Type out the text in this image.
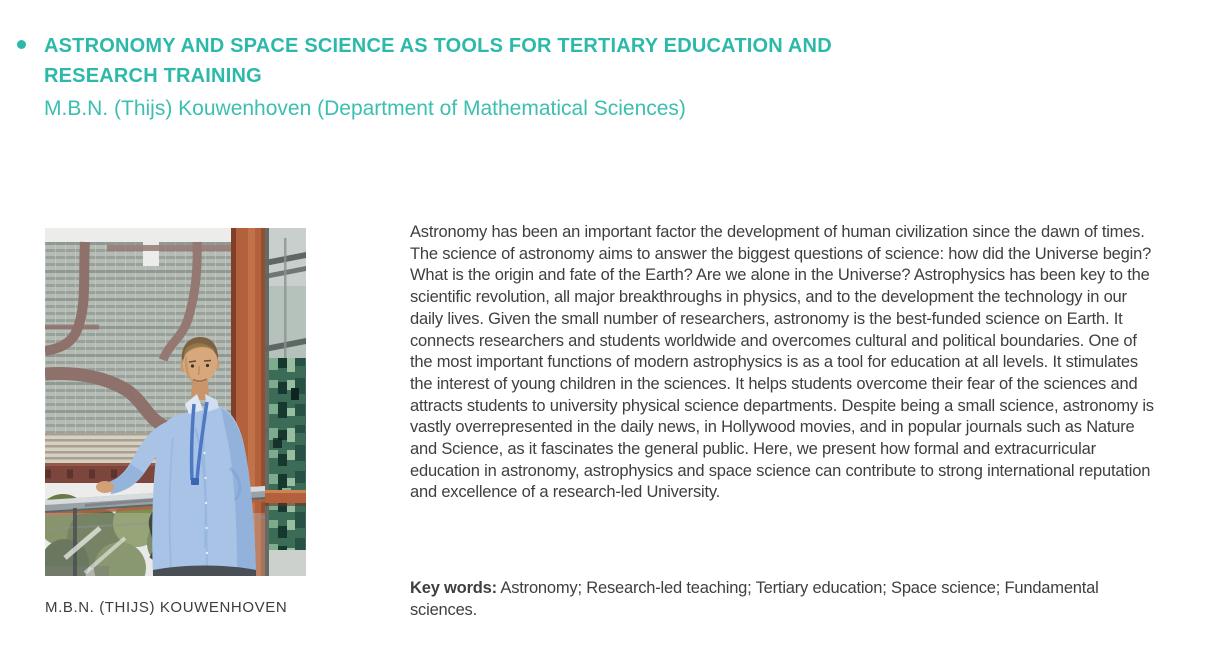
ASTRONOMY AND SPACE SCIENCE AS TOOLS FOR TERTIARY EDUCATION AND
RESEARCH TRAINING
M.B.N. (Thijs) Kouwenhoven (Department of Mathematical Sciences)
M.B.N. (THIJS) KOUWENHOVEN

Astronomy has been an important factor the development of human civilization since the dawn of times. The science of astronomy aims to answer the biggest questions of science: how did the Universe begin? What is the origin and fate of the Earth? Are we alone in the Universe? Astrophysics has been key to the scientific revolution, all major breakthroughs in physics, and to the development the technology in our daily lives. Given the small number of researchers, astronomy is the best-funded science on Earth. It connects researchers and students worldwide and overcomes cultural and political boundaries. One of the most important functions of modern astrophysics is as a tool for education at all levels. It stimulates the interest of young children in the sciences. It helps students overcome their fear of the sciences and attracts students to university physical science departments. Despite being a small science, astronomy is vastly overrepresented in the daily news, in Hollywood movies, and in popular journals such as Nature and Science, as it fascinates the general public. Here, we present how formal and extracurricular education in astronomy, astrophysics and space science can contribute to strong international reputation and excellence of a research-led University.

Key words: Astronomy; Research-led teaching; Tertiary education; Space science; Fundamental sciences.
